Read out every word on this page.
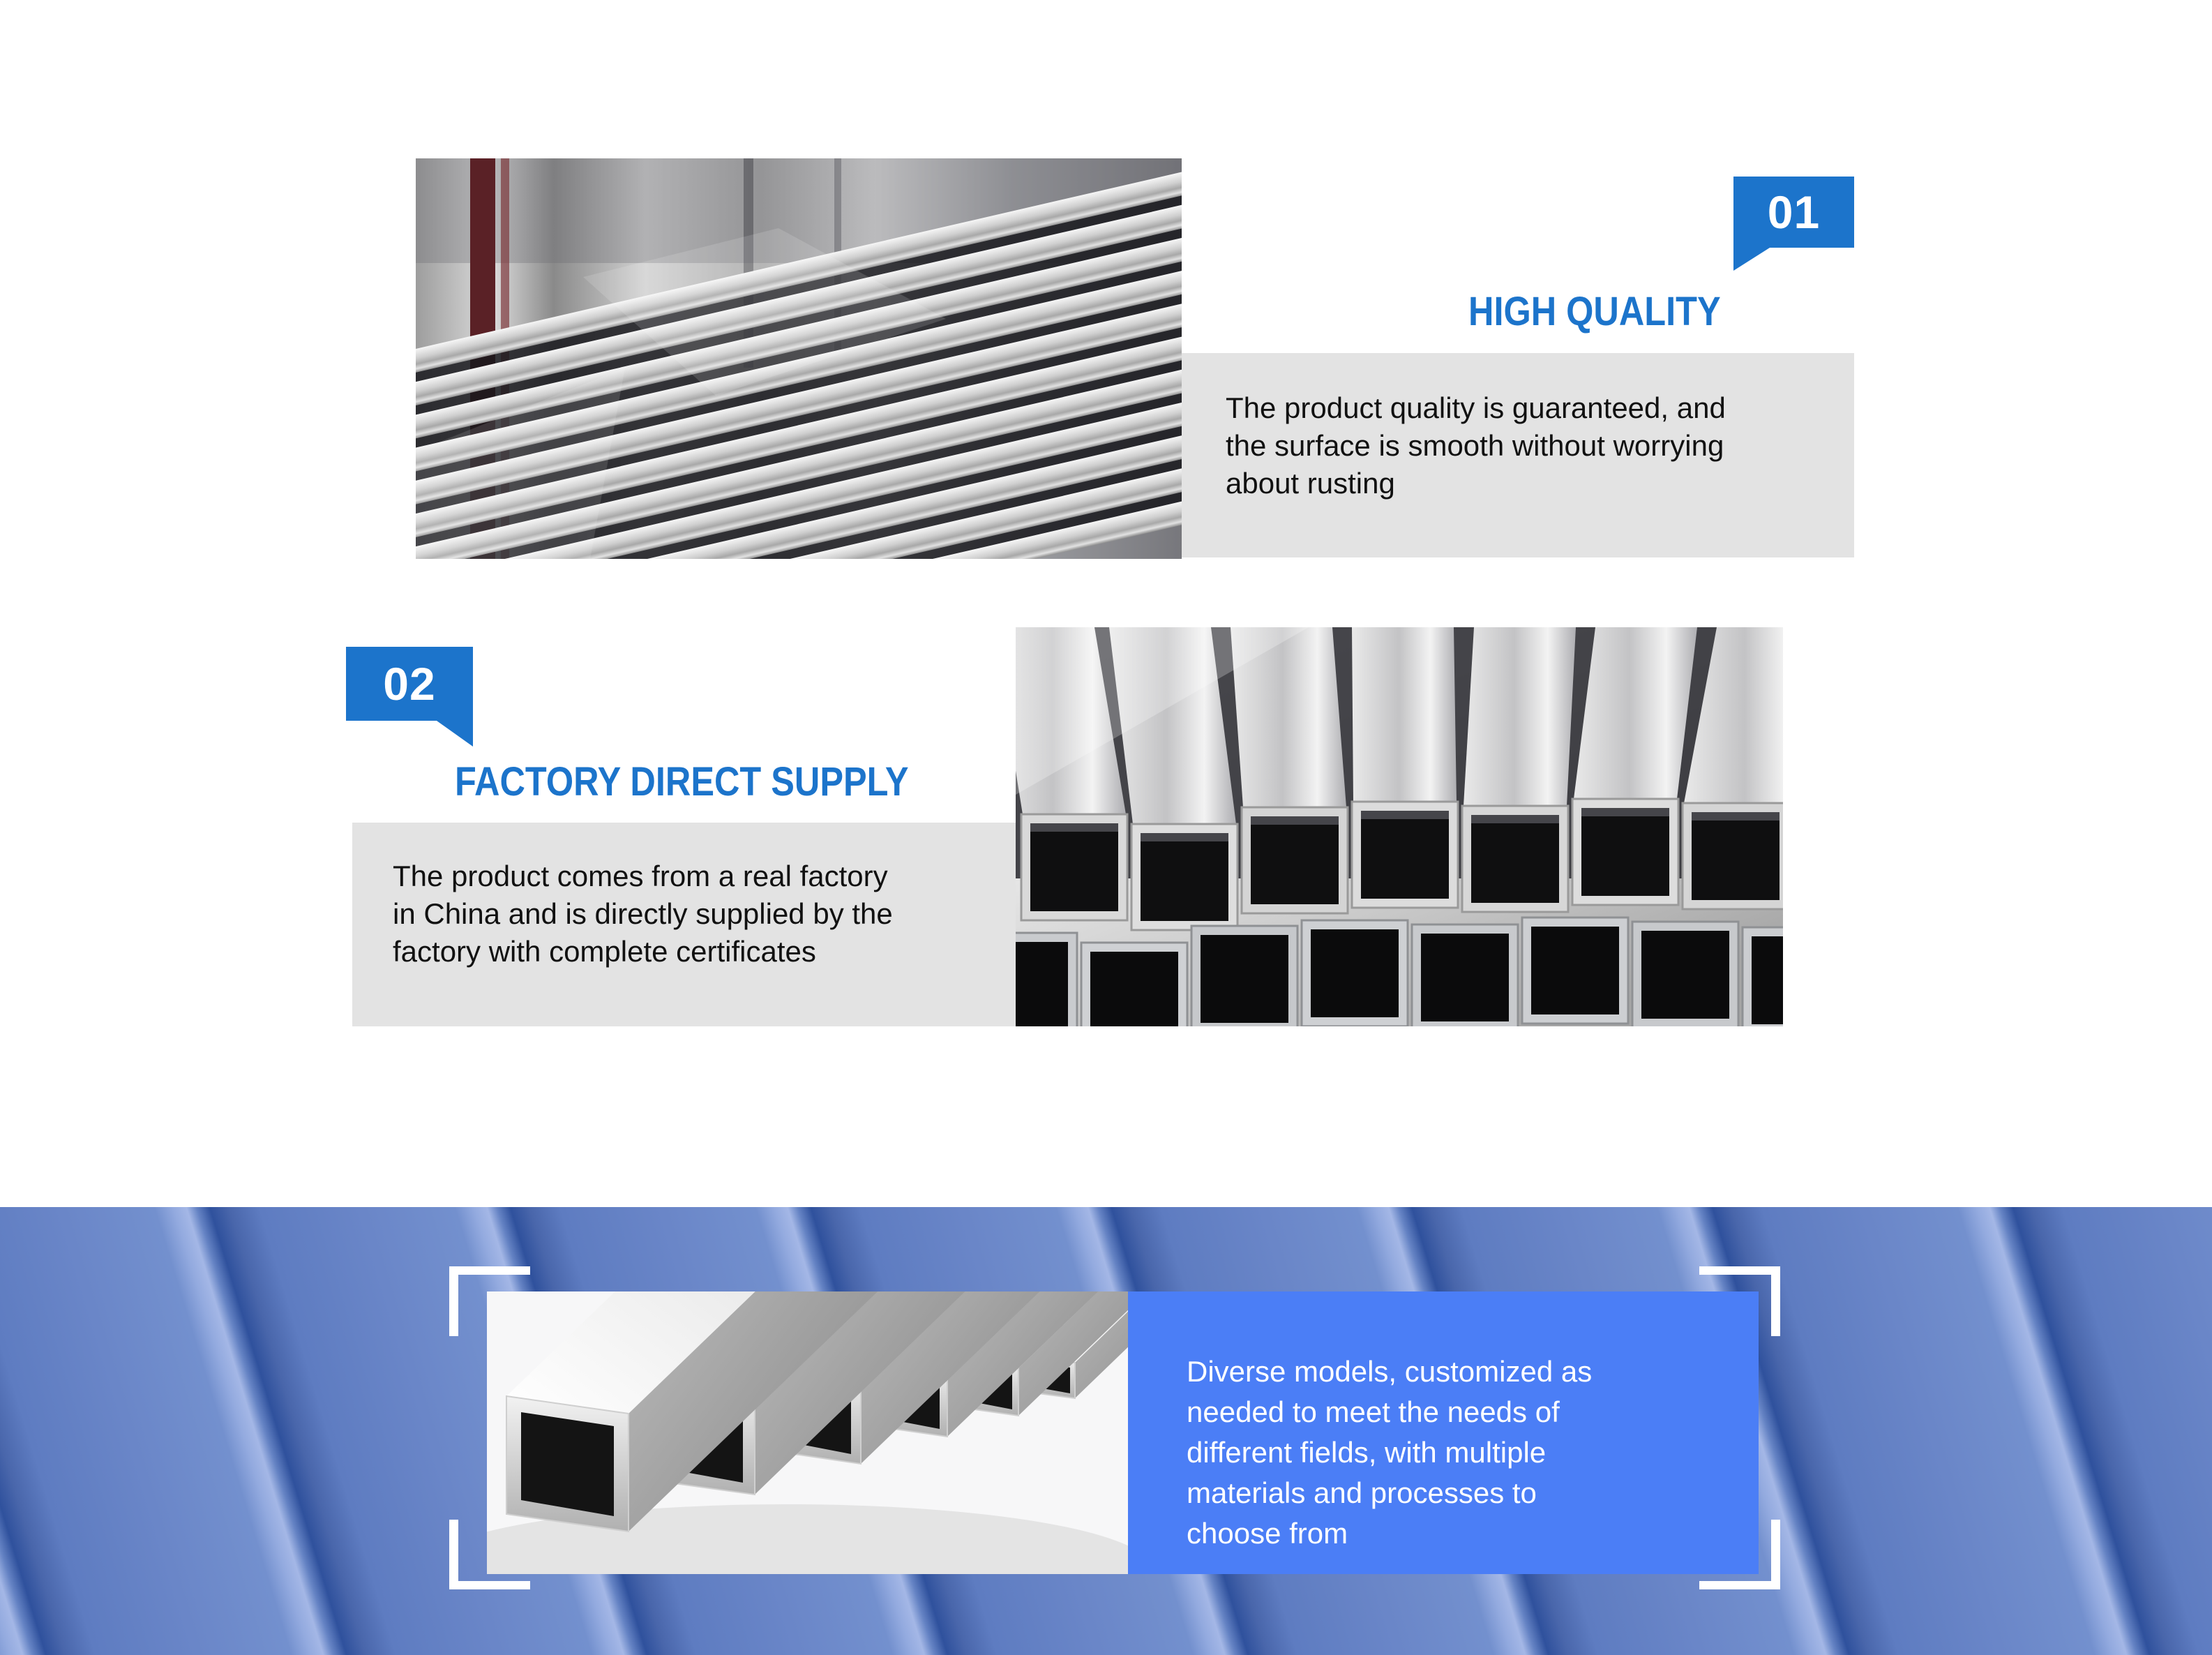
01
HIGH QUALITY

The product quality is guaranteed, and

the surface is smooth without worrying

about rusting

02
FACTORY DIRECT SUPPLY

The product comes from a real factory

in China and is directly supplied by the

factory with complete certificates

Diverse models, customized as

needed to meet the needs of

different fields, with multiple

materials and processes to

choose from
